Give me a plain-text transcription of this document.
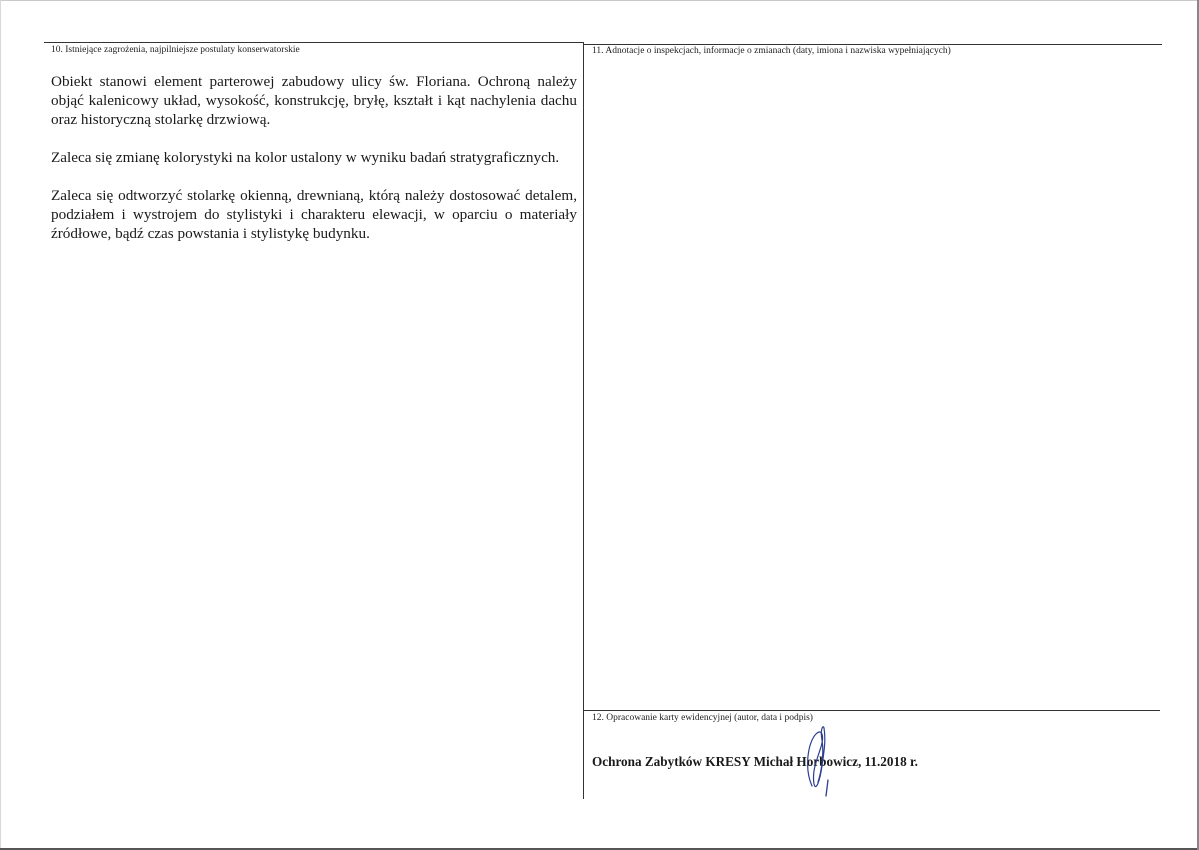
10. Istniejące zagrożenia, najpilniejsze postulaty konserwatorskie

Obiekt stanowi element parterowej zabudowy ulicy św. Floriana. Ochroną należy objąć kalenicowy układ, wysokość, konstrukcję, bryłę, kształt i kąt nachylenia dachu oraz historyczną stolarkę drzwiową.

Zaleca się zmianę kolorystyki na kolor ustalony w wyniku badań stratygraficznych.

Zaleca się odtworzyć stolarkę okienną, drewnianą, którą należy dostosować detalem, podziałem i wystrojem do stylistyki i charakteru elewacji, w oparciu o materiały źródłowe, bądź czas powstania i stylistykę budynku.

11. Adnotacje o inspekcjach, informacje o zmianach (daty, imiona i nazwiska wypełniających)
12. Opracowanie karty ewidencyjnej (autor, data i podpis)
Ochrona Zabytków KRESY Michał Horbowicz, 11.2018 r.
